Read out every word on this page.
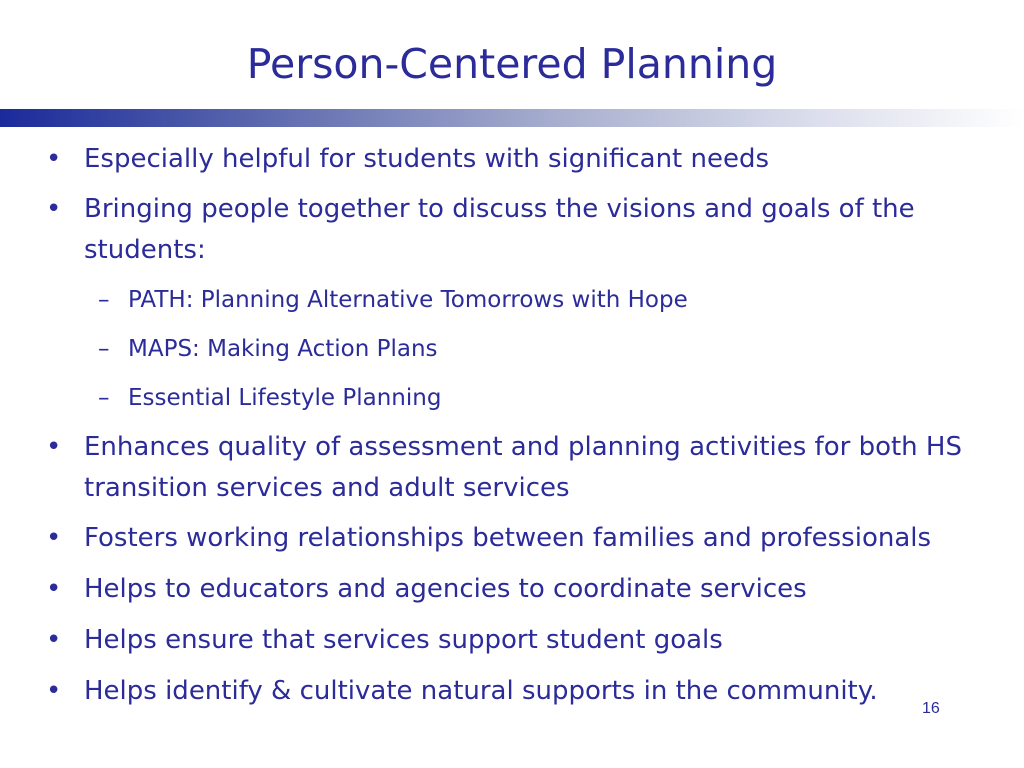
Person-Centered Planning
• Especially helpful for students with significant needs
• Bringing people together to discuss the visions and goals of the students:
– PATH: Planning Alternative Tomorrows with Hope
– MAPS: Making Action Plans
– Essential Lifestyle Planning
• Enhances quality of assessment and planning activities for both HS transition services and adult services
• Fosters working relationships between families and professionals
• Helps to educators and agencies to coordinate services
• Helps ensure that services support student goals
• Helps identify & cultivate natural supports in the community.
16
